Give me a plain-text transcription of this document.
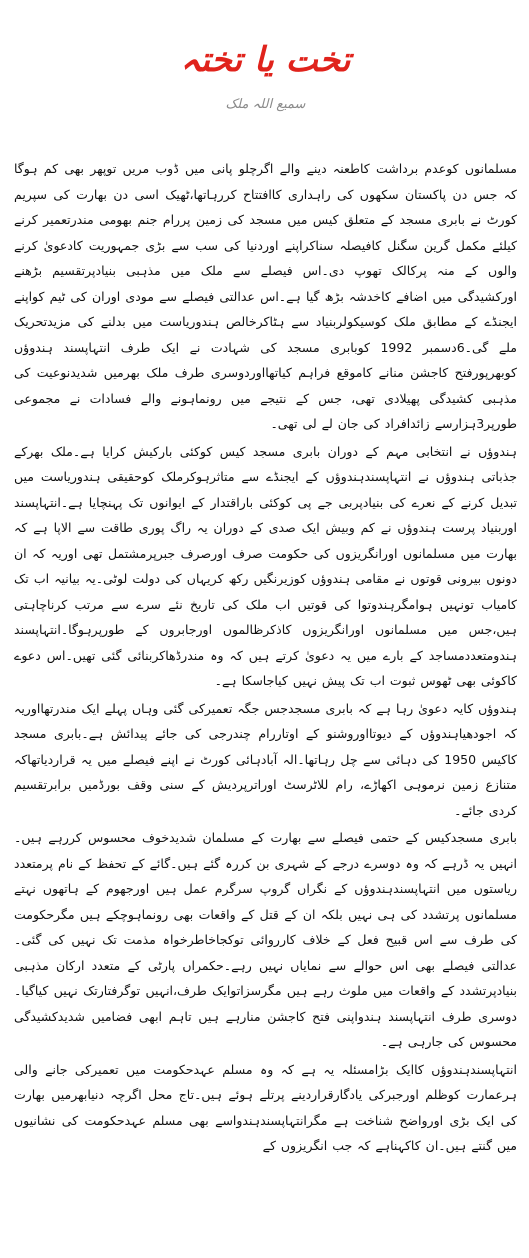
تخت یا تختہ
سمیع اللہ ملک

مسلمانوں کوعدم برداشت کاطعنہ دینے والے اگرچلو پانی میں ڈوب مریں توپھر بھی کم ہوگا کہ جس دن پاکستان سکھوں کی راہداری کاافتتاح کررہاتھا،ٹھیک اسی دن بھارت کی سپریم کورٹ نے بابری مسجد کے متعلق کیس میں مسجد کی زمین پررام جنم بھومی مندرتعمیر کرنے کیلئے مکمل گرین سگنل کافیصلہ سناکراپنے اوردنیا کی سب سے بڑی جمہوریت کادعویٰ کرنے والوں کے منہ پرکالک تھوپ دی۔اس فیصلے سے ملک میں مذہبی بنیادپرتقسیم بڑھنے اورکشیدگی میں اضافے کاخدشہ بڑھ گیا ہے۔اس عدالتی فیصلے سے مودی اوران کی ٹیم کواپنے ایجنڈے کے مطابق ملک کوسیکولربنیاد سے ہٹاکرخالص ہندوریاست میں بدلنے کی مزیدتحریک ملے گی۔6دسمبر 1992 کوبابری مسجد کی شہادت نے ایک طرف انتہاپسند ہندوؤں کوبھرپورفتح کاجشن منانے کاموقع فراہم کیاتھااوردوسری طرف ملک بھرمیں شدیدنوعیت کی مذہبی کشیدگی پھیلادی تھی، جس کے نتیجے میں رونماہونے والے فسادات نے مجموعی طورپر3ہزارسے زائدافراد کی جان لے لی تھی۔

ہندوؤں نے انتخابی مہم کے دوران بابری مسجد کیس کوکئی بارکیش کرایا ہے۔ملک بھرکے جذباتی ہندوؤں نے انتہاپسندہندوؤں کے ایجنڈے سے متاثرہوکرملک کوحقیقی ہندوریاست میں تبدیل کرنے کے نعرے کی بنیادپربی جے پی کوکئی باراقتدار کے ایوانوں تک پہنچایا ہے۔انتہاپسند اوربنیاد پرست ہندوؤں نے کم وبیش ایک صدی کے دوران یہ راگ پوری طاقت سے الاپا ہے کہ بھارت میں مسلمانوں اورانگریزوں کی حکومت صرف اورصرف جبرپرمشتمل تھی اوریہ کہ ان دونوں بیرونی قوتوں نے مقامی ہندوؤں کوزیرنگیں رکھ کریہاں کی دولت لوٹی۔یہ بیانیہ اب تک کامیاب تونہیں ہوامگرہندوتوا کی قوتیں اب ملک کی تاریخ نئے سرے سے مرتب کرناچاہتی ہیں،جس میں مسلمانوں اورانگریزوں کاذکرظالموں اورجابروں کے طورپرہوگا۔انتہاپسند ہندومتعددمساجد کے بارے میں یہ دعویٰ کرتے ہیں کہ وہ مندرڈھاکربنائی گئی تھیں۔اس دعوے کاکوئی بھی ٹھوس ثبوت اب تک پیش نہیں کیاجاسکا ہے۔

ہندوؤں کایہ دعویٰ رہا ہے کہ بابری مسجدجس جگہ تعمیرکی گئی وہاں پہلے ایک مندرتھااوریہ کہ اجودھیاہندوؤں کے دیوتااوروشنو کے اوتاررام چندرجی کی جائے پیدائش ہے۔بابری مسجد کاکیس 1950 کی دہائی سے چل رہاتھا۔الہ آبادہائی کورٹ نے اپنے فیصلے میں یہ قراردیاتھاکہ متنازع زمین نرموہی اکھاڑے، رام للاٹرسٹ اوراترپردیش کے سنی وقف بورڈمیں برابرتقسیم کردی جائے۔

بابری مسجدکیس کے حتمی فیصلے سے بھارت کے مسلمان شدیدخوف محسوس کررہے ہیں۔انہیں یہ ڈرہے کہ وہ دوسرے درجے کے شہری بن کررہ گئے ہیں۔گائے کے تحفظ کے نام پرمتعدد ریاستوں میں انتہاپسندہندوؤں کے نگراں گروپ سرگرم عمل ہیں اورجھوم کے ہاتھوں نہتے مسلمانوں پرتشدد کی ہی نہیں بلکہ ان کے قتل کے واقعات بھی رونماہوچکے ہیں مگرحکومت کی طرف سے اس قبیح فعل کے خلاف کارروائی توکجاخاطرخواہ مذمت تک نہیں کی گئی۔عدالتی فیصلے بھی اس حوالے سے نمایاں نہیں رہے۔حکمراں پارٹی کے متعدد ارکان مذہبی بنیادپرتشدد کے واقعات میں ملوث رہے ہیں مگرسزاتوایک طرف،انہیں توگرفتارتک نہیں کیاگیا۔دوسری طرف انتہاپسند ہندواپنی فتح کاجشن منارہے ہیں تاہم ابھی فضامیں شدیدکشیدگی محسوس کی جارہی ہے۔

انتہاپسندہندوؤں کاایک بڑامسئلہ یہ ہے کہ وہ مسلم عہدحکومت میں تعمیرکی جانے والی ہرعمارت کوظلم اورجبرکی یادگارقراردینے پرتلے ہوئے ہیں۔تاج محل اگرچہ دنیابھرمیں بھارت کی ایک بڑی اورواضح شناخت ہے مگرانتہاپسندہندواسے بھی مسلم عہدحکومت کی نشانیوں میں گنتے ہیں۔ان کاکہناہے کہ جب انگریزوں کے
